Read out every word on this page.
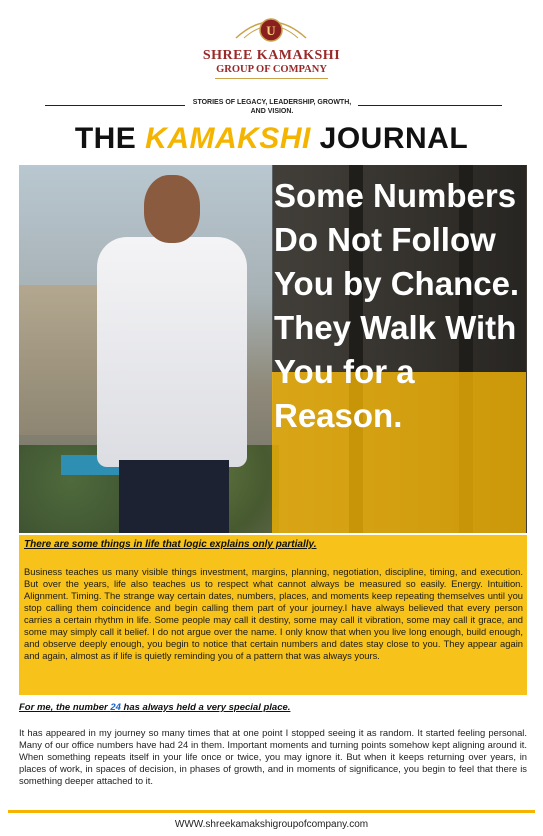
U
SHREE KAMAKSHI
GROUP OF COMPANY
STORIES OF LEGACY, LEADERSHIP, GROWTH, AND VISION.
THE KAMAKSHI JOURNAL
Some Numbers Do Not Follow You by Chance. They Walk With You for a Reason.
There are some things in life that logic explains only partially.
Business teaches us many visible things investment, margins, planning, negotiation, discipline, timing, and execution. But over the years, life also teaches us to respect what cannot always be measured so easily. Energy. Intuition. Alignment. Timing. The strange way certain dates, numbers, places, and moments keep repeating themselves until you stop calling them coincidence and begin calling them part of your journey.I have always believed that every person carries a certain rhythm in life. Some people may call it destiny, some may call it vibration, some may call it grace, and some may simply call it belief. I do not argue over the name. I only know that when you live long enough, build enough, and observe deeply enough, you begin to notice that certain numbers and dates stay close to you. They appear again and again, almost as if life is quietly reminding you of a pattern that was always yours.
For me, the number 24 has always held a very special place.
It has appeared in my journey so many times that at one point I stopped seeing it as random. It started feeling personal. Many of our office numbers have had 24 in them. Important moments and turning points somehow kept aligning around it. When something repeats itself in your life once or twice, you may ignore it. But when it keeps returning over years, in places of work, in spaces of decision, in phases of growth, and in moments of significance, you begin to feel that there is something deeper attached to it.
WWW.shreekamakshigroupofcompany.com
